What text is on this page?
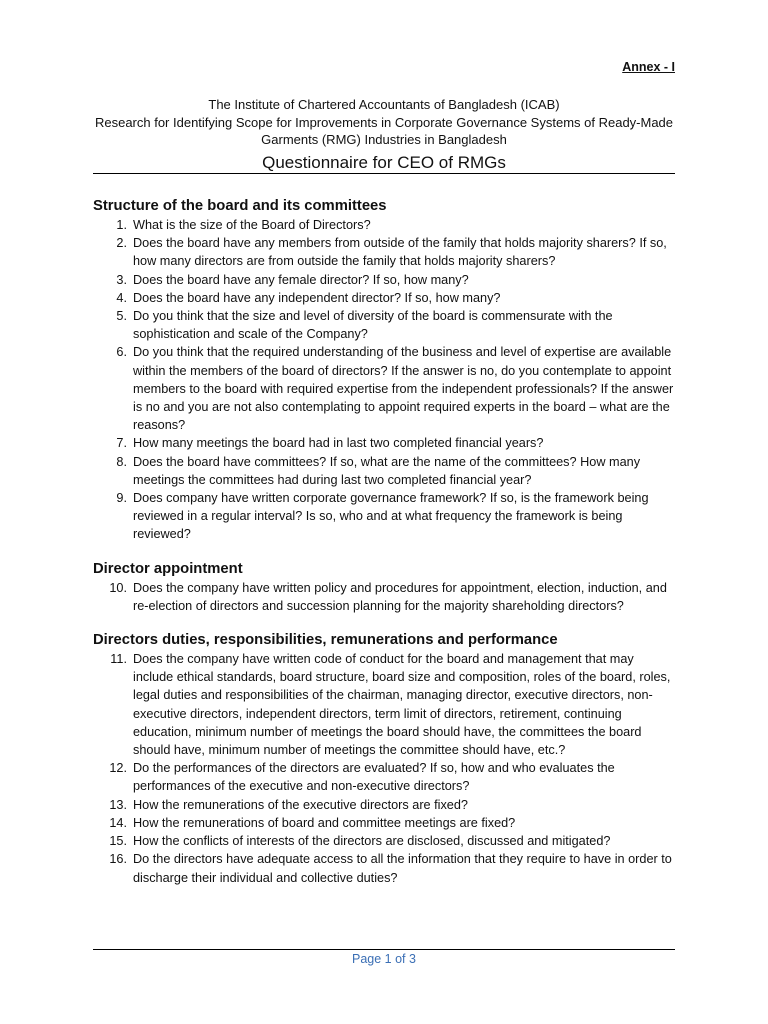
Annex - I
The Institute of Chartered Accountants of Bangladesh (ICAB)
Research for Identifying Scope for Improvements in Corporate Governance Systems of Ready-Made
Garments (RMG) Industries in Bangladesh
Questionnaire for CEO of RMGs
Structure of the board and its committees
1. What is the size of the Board of Directors?
2. Does the board have any members from outside of the family that holds majority sharers? If so, how many directors are from outside the family that holds majority sharers?
3. Does the board have any female director? If so, how many?
4. Does the board have any independent director? If so, how many?
5. Do you think that the size and level of diversity of the board is commensurate with the sophistication and scale of the Company?
6. Do you think that the required understanding of the business and level of expertise are available within the members of the board of directors? If the answer is no, do you contemplate to appoint members to the board with required expertise from the independent professionals? If the answer is no and you are not also contemplating to appoint required experts in the board – what are the reasons?
7. How many meetings the board had in last two completed financial years?
8. Does the board have committees? If so, what are the name of the committees? How many meetings the committees had during last two completed financial year?
9. Does company have written corporate governance framework? If so, is the framework being reviewed in a regular interval? Is so, who and at what frequency the framework is being reviewed?
Director appointment
10. Does the company have written policy and procedures for appointment, election, induction, and re-election of directors and succession planning for the majority shareholding directors?
Directors duties, responsibilities, remunerations and performance
11. Does the company have written code of conduct for the board and management that may include ethical standards, board structure, board size and composition, roles of the board, roles, legal duties and responsibilities of the chairman, managing director, executive directors, non-executive directors, independent directors, term limit of directors, retirement, continuing education, minimum number of meetings the board should have, the committees the board should have, minimum number of meetings the committee should have, etc.?
12. Do the performances of the directors are evaluated? If so, how and who evaluates the performances of the executive and non-executive directors?
13. How the remunerations of the executive directors are fixed?
14. How the remunerations of board and committee meetings are fixed?
15. How the conflicts of interests of the directors are disclosed, discussed and mitigated?
16. Do the directors have adequate access to all the information that they require to have in order to discharge their individual and collective duties?
Page 1 of 3
